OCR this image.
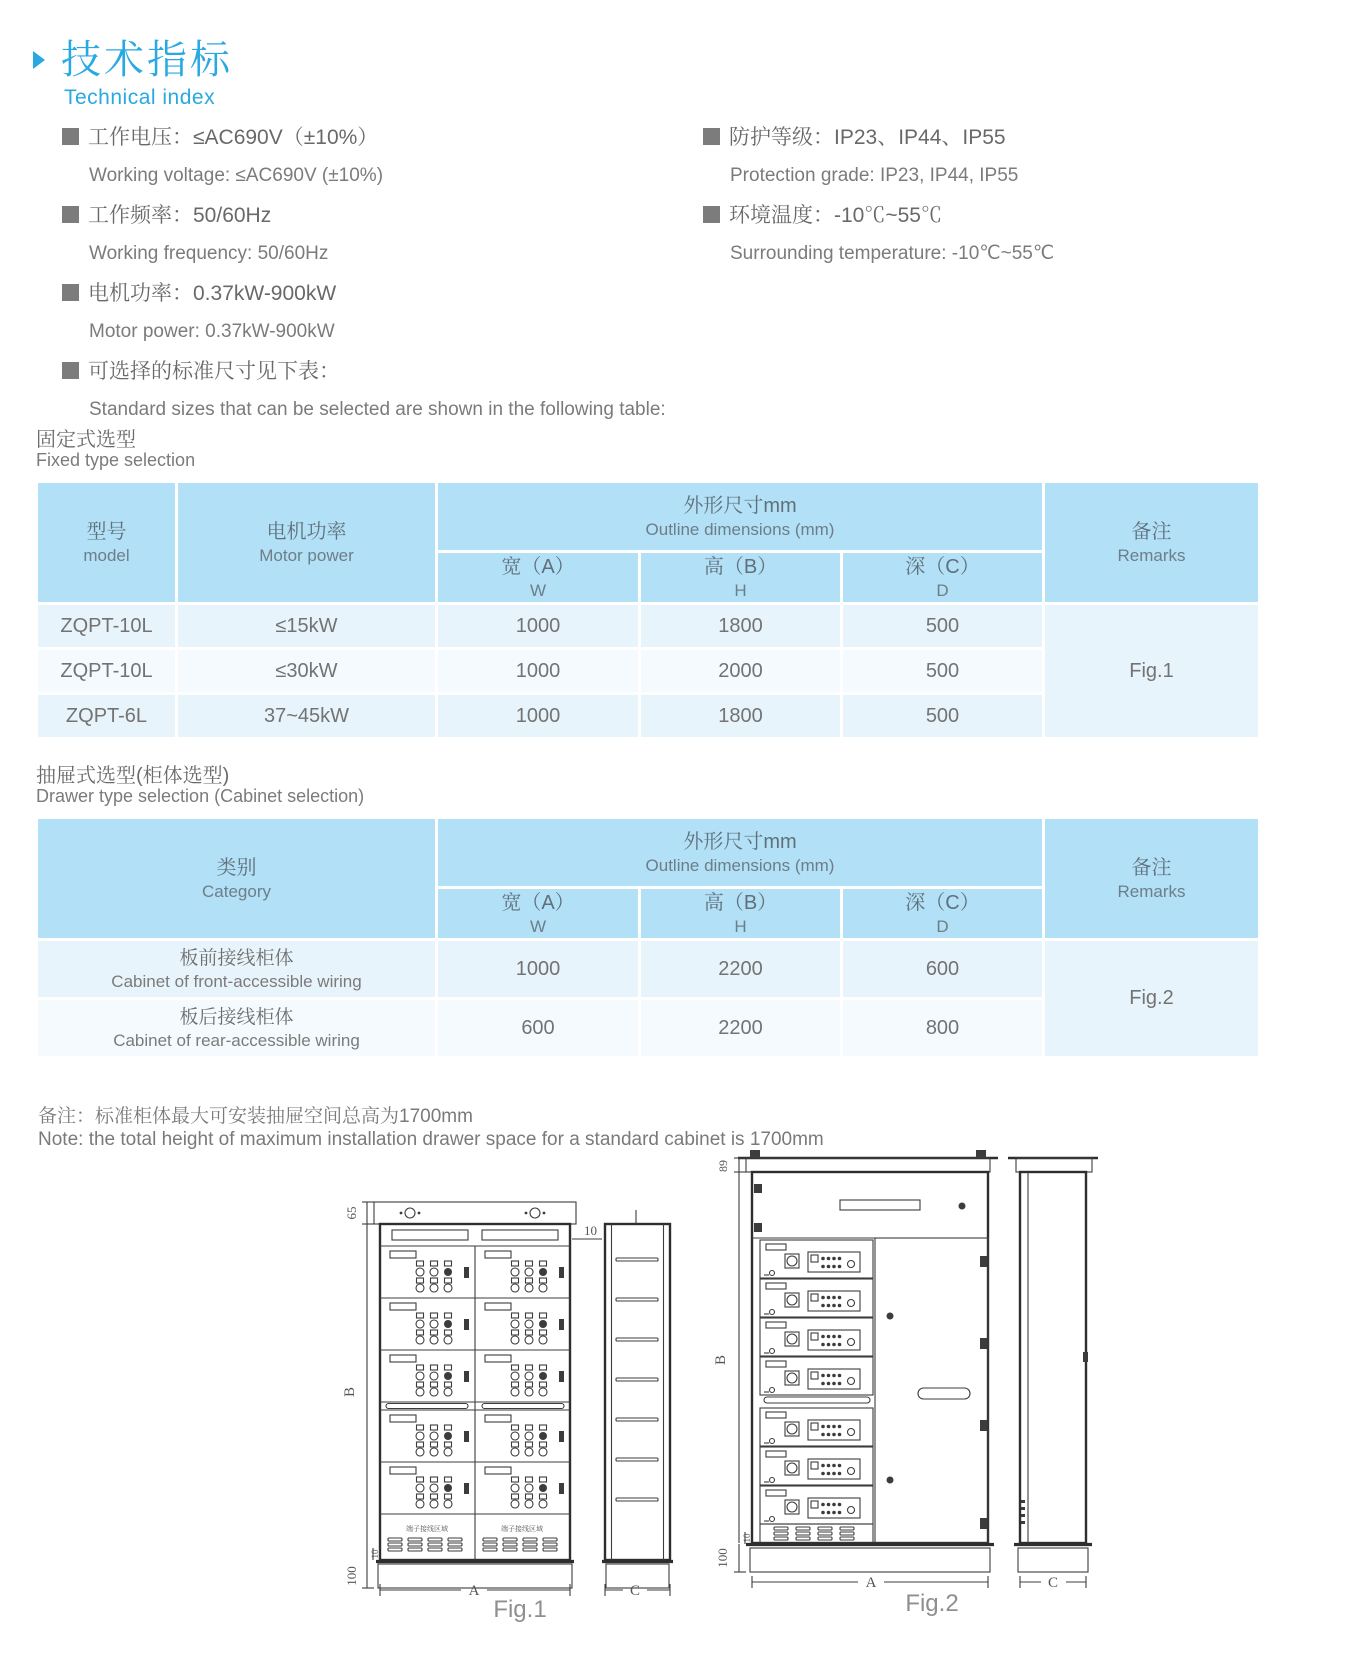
技术指标
Technical index
工作电压：≤AC690V（±10%）
Working voltage: ≤AC690V (±10%)
工作频率：50/60Hz
Working frequency: 50/60Hz
电机功率：0.37kW-900kW
Motor power: 0.37kW-900kW
可选择的标准尺寸见下表：
Standard sizes that can be selected are shown in the following table:
防护等级：IP23、IP44、IP55
Protection grade: IP23, IP44, IP55
环境温度：-10℃~55℃
Surrounding temperature: -10℃~55℃
固定式选型
Fixed type selection
型号
model

电机功率
Motor power

外形尺寸mm
Outline dimensions (mm)	备注
Remarks

宽（A）
W

高（B）
H

深（C）
D

ZQPT-10L	≤15kW	1000	1800	500	Fig.1
ZQPT-10L	≤30kW	1000	2000	500	
ZQPT-6L	37~45kW	1000	1800	500	
抽屉式选型(柜体选型)
Drawer type selection (Cabinet selection)
类别
Category

外形尺寸mm
Outline dimensions (mm)	备注
Remarks

宽（A）
W

高（B）
H

深（C）
D

板前接线柜体
Cabinet of front-accessible wiring	1000	2200	600	Fig.2

板后接线柜体
Cabinet of rear-accessible wiring	600	2200	800	
备注：标准柜体最大可安装抽屉空间总高为1700mm
Note: the total height of maximum installation drawer space for a standard cabinet is 1700mm
端子接线区域	端子接线区域
65
B
10
100
10
A	C
89
B
10
100
A	C
Fig.1	Fig.2
